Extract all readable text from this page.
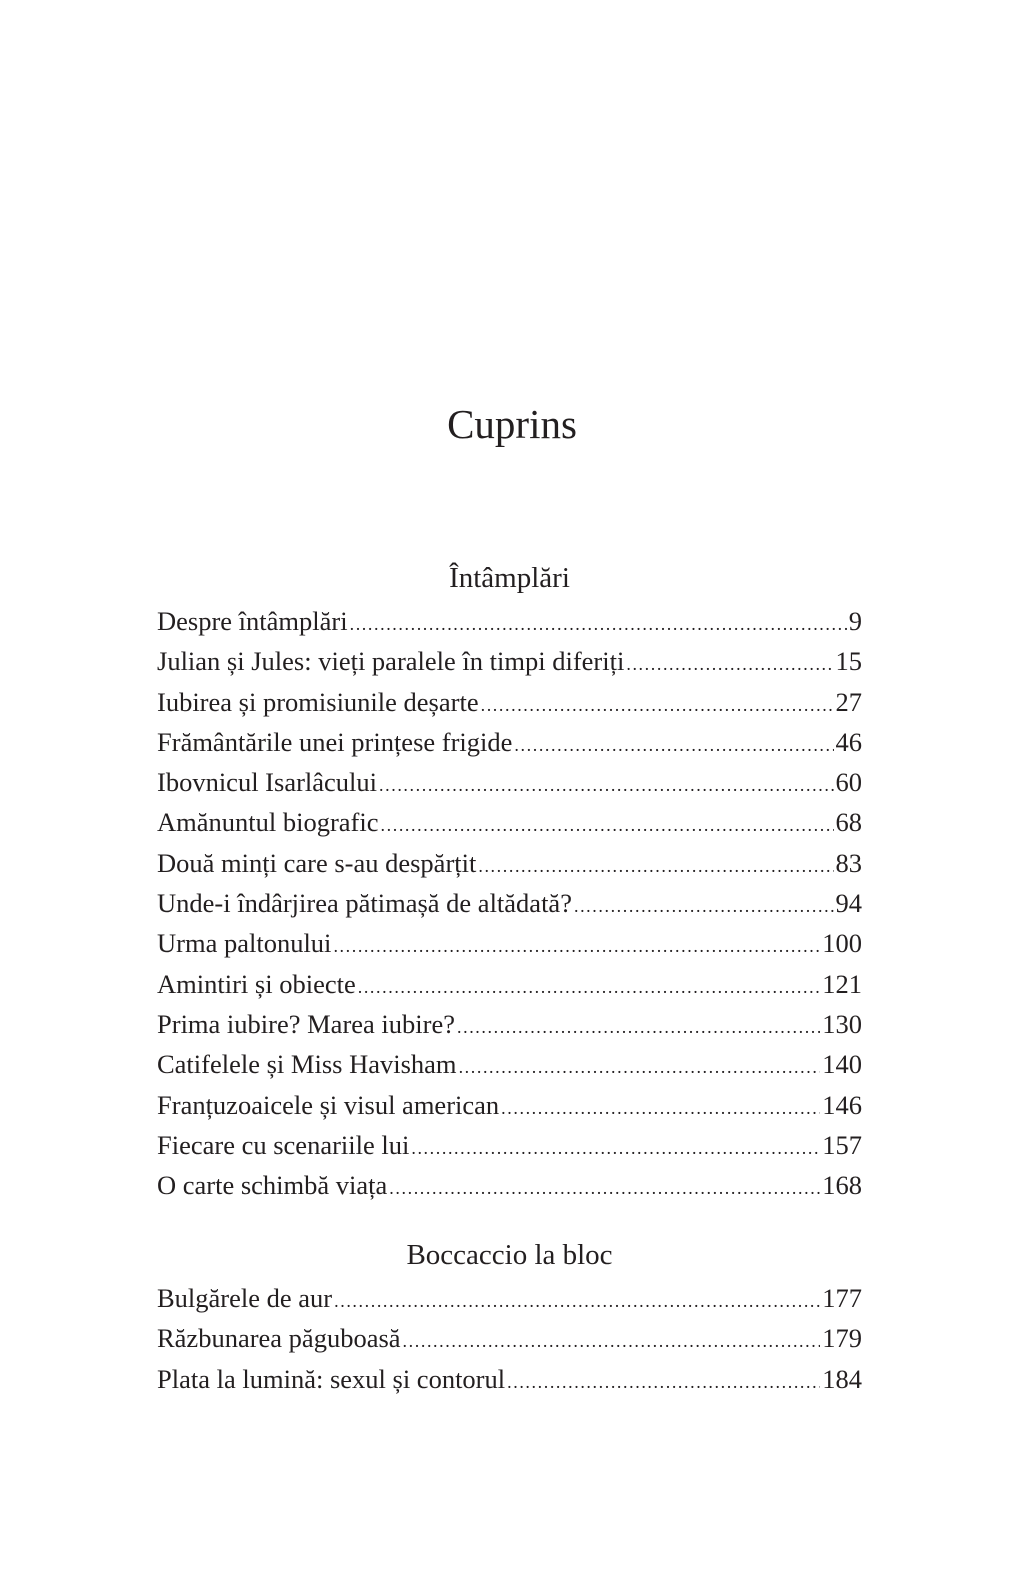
Cuprins
Întâmplări
Despre întâmplări .....	9
Julian și Jules: vieți paralele în timpi diferiți .....	15
Iubirea și promisiunile deșarte .....	27
Frământările unei prințese frigide .....	46
Ibovnicul Isarlâcului .....	60
Amănuntul biografic .....	68
Două minți care s-au despărțit .....	83
Unde-i îndârjirea pătimașă de altădată? .....	94
Urma paltonului .....	100
Amintiri și obiecte .....	121
Prima iubire? Marea iubire? .....	130
Catifelele și Miss Havisham .....	140
Franțuzoaicele și visul american .....	146
Fiecare cu scenariile lui .....	157
O carte schimbă viața .....	168
Boccaccio la bloc
Bulgărele de aur .....	177
Răzbunarea păguboasă .....	179
Plata la lumină: sexul și contorul .....	184
